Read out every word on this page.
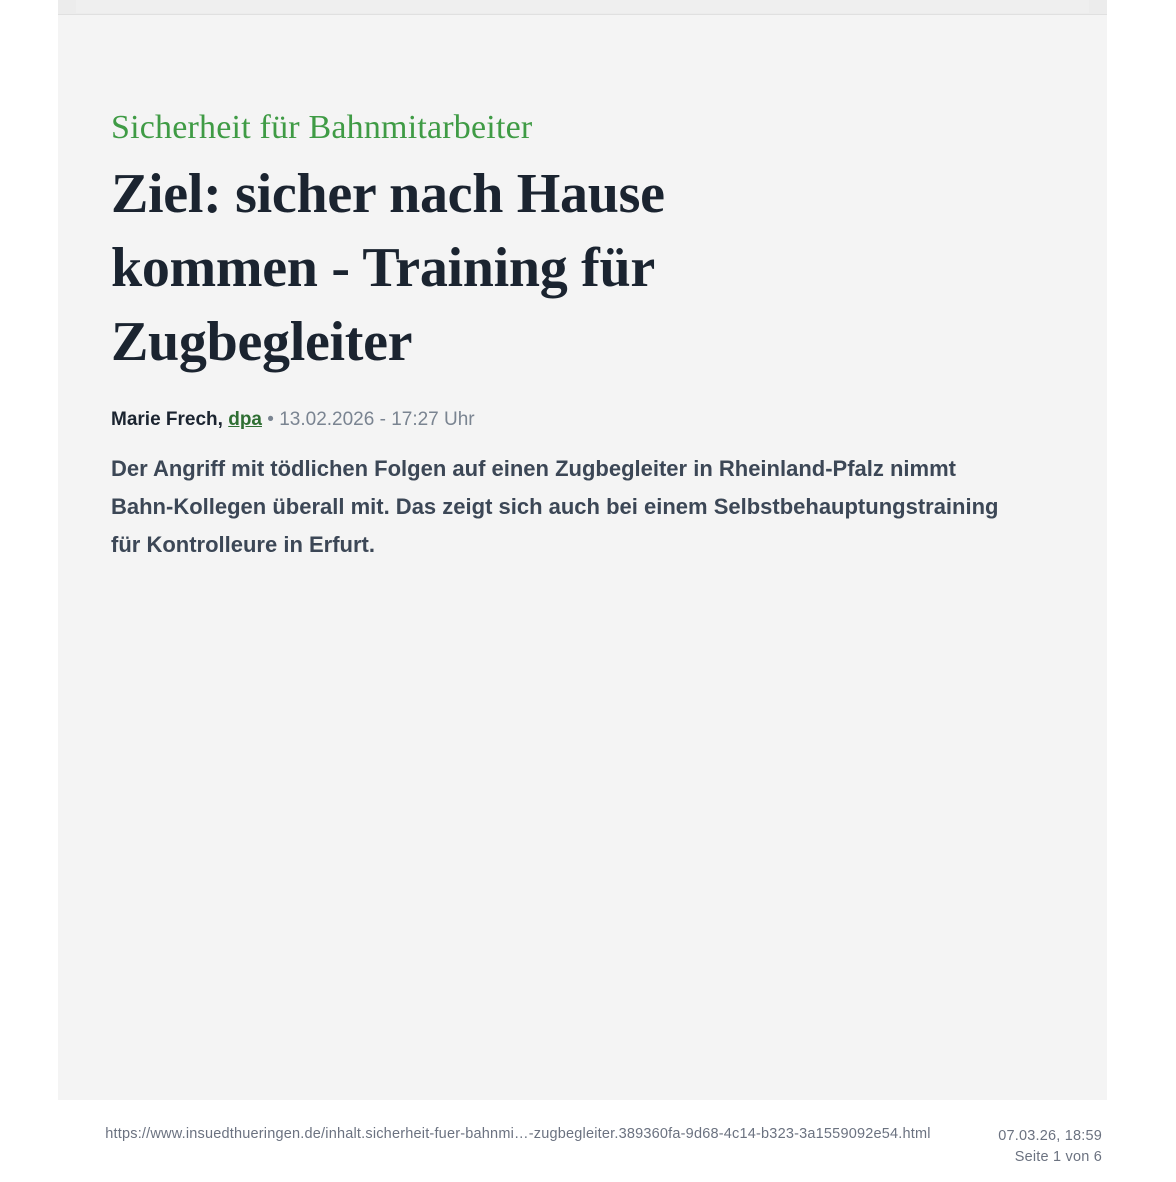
Sicherheit für Bahnmitarbeiter
Ziel: sicher nach Hause kommen - Training für Zugbegleiter
Marie Frech, dpa • 13.02.2026 - 17:27 Uhr

Der Angriff mit tödlichen Folgen auf einen Zugbegleiter in Rheinland-Pfalz nimmt Bahn-Kollegen überall mit. Das zeigt sich auch bei einem Selbstbehauptungstraining für Kontrolleure in Erfurt.

https://www.insuedthueringen.de/inhalt.sicherheit-fuer-bahnmi…-zugbegleiter.389360fa-9d68-4c14-b323-3a1559092e54.html	07.03.26, 18:59
Seite 1 von 6
